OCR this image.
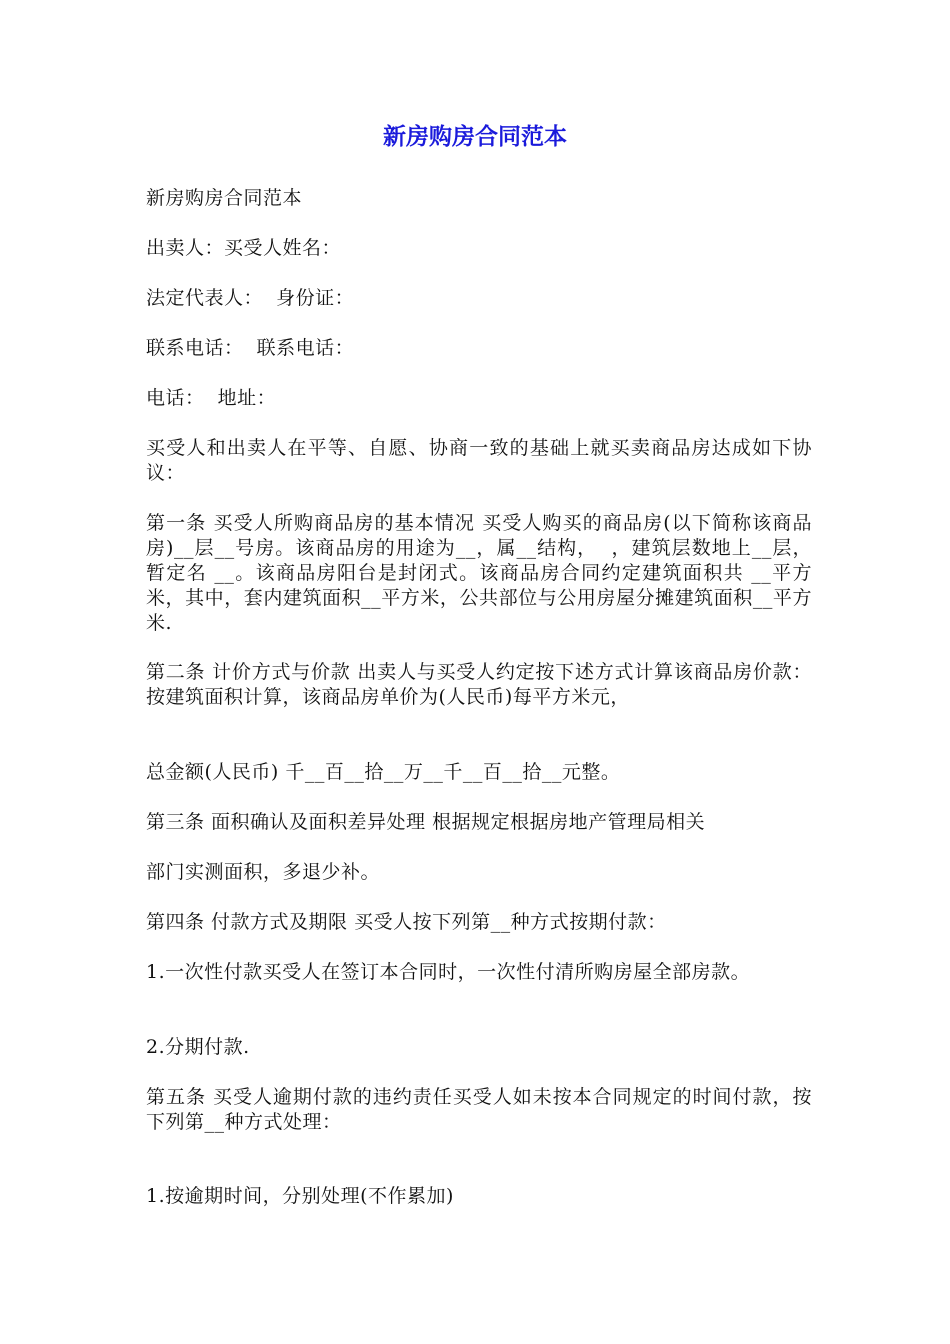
新房购房合同范本

新房购房合同范本

出卖人：买受人姓名：

法定代表人：  身份证：

联系电话：  联系电话：

电话：  地址：

买受人和出卖人在平等、自愿、协商一致的基础上就买卖商品房达成如下协议：

第一条 买受人所购商品房的基本情况 买受人购买的商品房(以下简称该商品房)__层__号房。该商品房的用途为__，属__结构，  ，建筑层数地上__层，暂定名 __。该商品房阳台是封闭式。该商品房合同约定建筑面积共 __平方米，其中，套内建筑面积__平方米，公共部位与公用房屋分摊建筑面积__平方米.

第二条 计价方式与价款 出卖人与买受人约定按下述方式计算该商品房价款： 按建筑面积计算，该商品房单价为(人民币)每平方米元，

总金额(人民币) 千__百__拾__万__千__百__拾__元整。

第三条 面积确认及面积差异处理 根据规定根据房地产管理局相关

部门实测面积，多退少补。

第四条 付款方式及期限 买受人按下列第__种方式按期付款：

1.一次性付款买受人在签订本合同时，一次性付清所购房屋全部房款。

2.分期付款.

第五条 买受人逾期付款的违约责任买受人如未按本合同规定的时间付款，按下列第__种方式处理：

1.按逾期时间，分别处理(不作累加)
